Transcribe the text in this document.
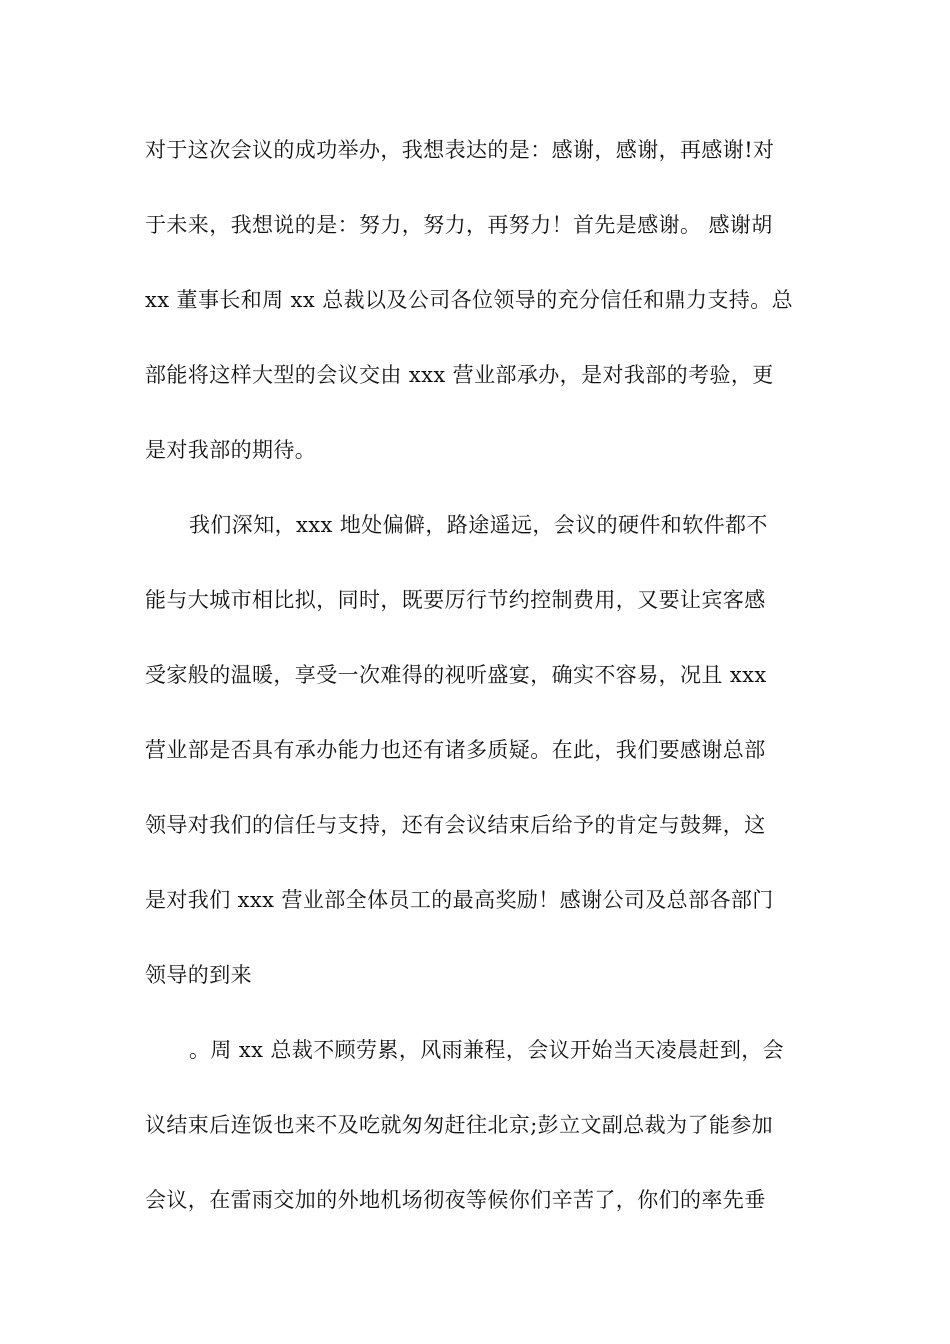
对于这次会议的成功举办，我想表达的是：感谢，感谢，再感谢!对
于未来，我想说的是：努力，努力，再努力！首先是感谢。 感谢胡
xx 董事长和周 xx 总裁以及公司各位领导的充分信任和鼎力支持。总
部能将这样大型的会议交由 xxx 营业部承办，是对我部的考验，更
是对我部的期待。
我们深知，xxx 地处偏僻，路途遥远，会议的硬件和软件都不
能与大城市相比拟，同时，既要厉行节约控制费用，又要让宾客感
受家般的温暖，享受一次难得的视听盛宴，确实不容易，况且 xxx
营业部是否具有承办能力也还有诸多质疑。在此，我们要感谢总部
领导对我们的信任与支持，还有会议结束后给予的肯定与鼓舞，这
是对我们 xxx 营业部全体员工的最高奖励！感谢公司及总部各部门
领导的到来
。周 xx 总裁不顾劳累，风雨兼程，会议开始当天凌晨赶到，会
议结束后连饭也来不及吃就匆匆赶往北京;彭立文副总裁为了能参加
会议，在雷雨交加的外地机场彻夜等候你们辛苦了，你们的率先垂
